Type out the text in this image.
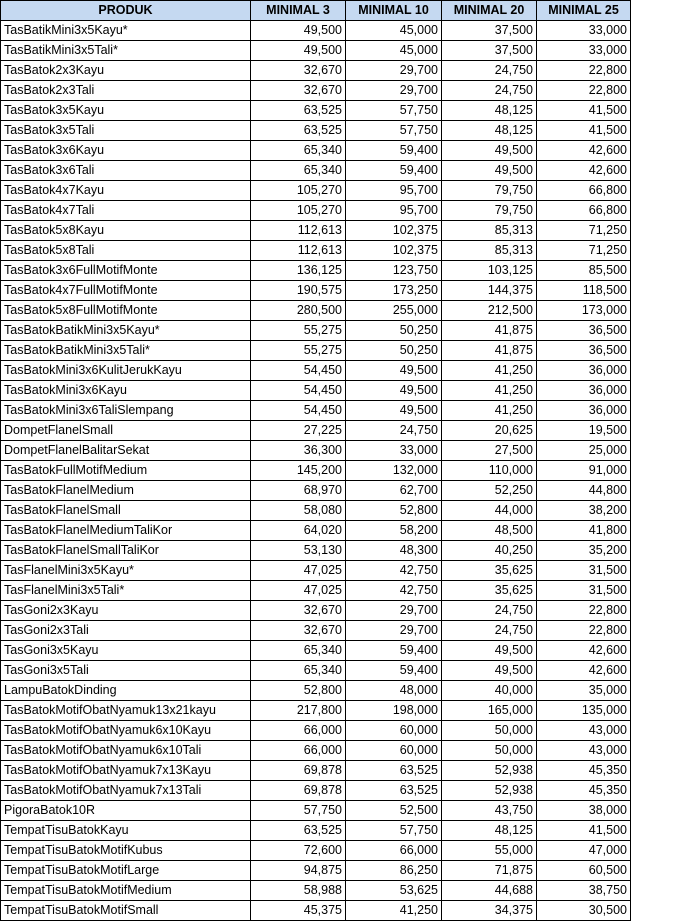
PRODUK	MINIMAL 3	MINIMAL 10	MINIMAL 20	MINIMAL 25
TasBatikMini3x5Kayu*	49,500	45,000	37,500	33,000
TasBatikMini3x5Tali*	49,500	45,000	37,500	33,000
TasBatok2x3Kayu	32,670	29,700	24,750	22,800
TasBatok2x3Tali	32,670	29,700	24,750	22,800
TasBatok3x5Kayu	63,525	57,750	48,125	41,500
TasBatok3x5Tali	63,525	57,750	48,125	41,500
TasBatok3x6Kayu	65,340	59,400	49,500	42,600
TasBatok3x6Tali	65,340	59,400	49,500	42,600
TasBatok4x7Kayu	105,270	95,700	79,750	66,800
TasBatok4x7Tali	105,270	95,700	79,750	66,800
TasBatok5x8Kayu	112,613	102,375	85,313	71,250
TasBatok5x8Tali	112,613	102,375	85,313	71,250
TasBatok3x6FullMotifMonte	136,125	123,750	103,125	85,500
TasBatok4x7FullMotifMonte	190,575	173,250	144,375	118,500
TasBatok5x8FullMotifMonte	280,500	255,000	212,500	173,000
TasBatokBatikMini3x5Kayu*	55,275	50,250	41,875	36,500
TasBatokBatikMini3x5Tali*	55,275	50,250	41,875	36,500
TasBatokMini3x6KulitJerukKayu	54,450	49,500	41,250	36,000
TasBatokMini3x6Kayu	54,450	49,500	41,250	36,000
TasBatokMini3x6TaliSlempang	54,450	49,500	41,250	36,000
DompetFlanelSmall	27,225	24,750	20,625	19,500
DompetFlanelBalitarSekat	36,300	33,000	27,500	25,000
TasBatokFullMotifMedium	145,200	132,000	110,000	91,000
TasBatokFlanelMedium	68,970	62,700	52,250	44,800
TasBatokFlanelSmall	58,080	52,800	44,000	38,200
TasBatokFlanelMediumTaliKor	64,020	58,200	48,500	41,800
TasBatokFlanelSmallTaliKor	53,130	48,300	40,250	35,200
TasFlanelMini3x5Kayu*	47,025	42,750	35,625	31,500
TasFlanelMini3x5Tali*	47,025	42,750	35,625	31,500
TasGoni2x3Kayu	32,670	29,700	24,750	22,800
TasGoni2x3Tali	32,670	29,700	24,750	22,800
TasGoni3x5Kayu	65,340	59,400	49,500	42,600
TasGoni3x5Tali	65,340	59,400	49,500	42,600
LampuBatokDinding	52,800	48,000	40,000	35,000
TasBatokMotifObatNyamuk13x21kayu	217,800	198,000	165,000	135,000
TasBatokMotifObatNyamuk6x10Kayu	66,000	60,000	50,000	43,000
TasBatokMotifObatNyamuk6x10Tali	66,000	60,000	50,000	43,000
TasBatokMotifObatNyamuk7x13Kayu	69,878	63,525	52,938	45,350
TasBatokMotifObatNyamuk7x13Tali	69,878	63,525	52,938	45,350
PigoraBatok10R	57,750	52,500	43,750	38,000
TempatTisuBatokKayu	63,525	57,750	48,125	41,500
TempatTisuBatokMotifKubus	72,600	66,000	55,000	47,000
TempatTisuBatokMotifLarge	94,875	86,250	71,875	60,500
TempatTisuBatokMotifMedium	58,988	53,625	44,688	38,750
TempatTisuBatokMotifSmall	45,375	41,250	34,375	30,500
